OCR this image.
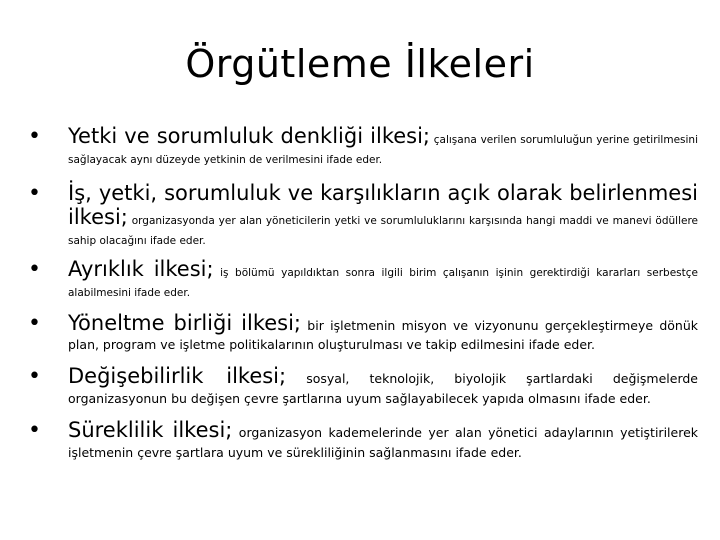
Örgütleme İlkeleri
• Yetki ve sorumluluk denkliği ilkesi; çalışana verilen sorumluluğun yerine getirilmesini sağlayacak aynı düzeyde yetkinin de verilmesini ifade eder.
• İş, yetki, sorumluluk ve karşılıkların açık olarak belirlenmesi ilkesi; organizasyonda yer alan yöneticilerin yetki ve sorumluluklarını karşısında hangi maddi ve manevi ödüllere sahip olacağını ifade eder.
• Ayrıklık ilkesi; iş bölümü yapıldıktan sonra ilgili birim çalışanın işinin gerektirdiği kararları serbestçe alabilmesini ifade eder.
• Yöneltme birliği ilkesi; bir işletmenin misyon ve vizyonunu gerçekleştirmeye dönük plan, program ve işletme politikalarının oluşturulması ve takip edilmesini ifade eder.
• Değişebilirlik ilkesi; sosyal, teknolojik, biyolojik şartlardaki değişmelerde organizasyonun bu değişen çevre şartlarına uyum sağlayabilecek yapıda olmasını ifade eder.
• Süreklilik ilkesi; organizasyon kademelerinde yer alan yönetici adaylarının yetiştirilerek işletmenin çevre şartlara uyum ve sürekliliğinin sağlanmasını ifade eder.
